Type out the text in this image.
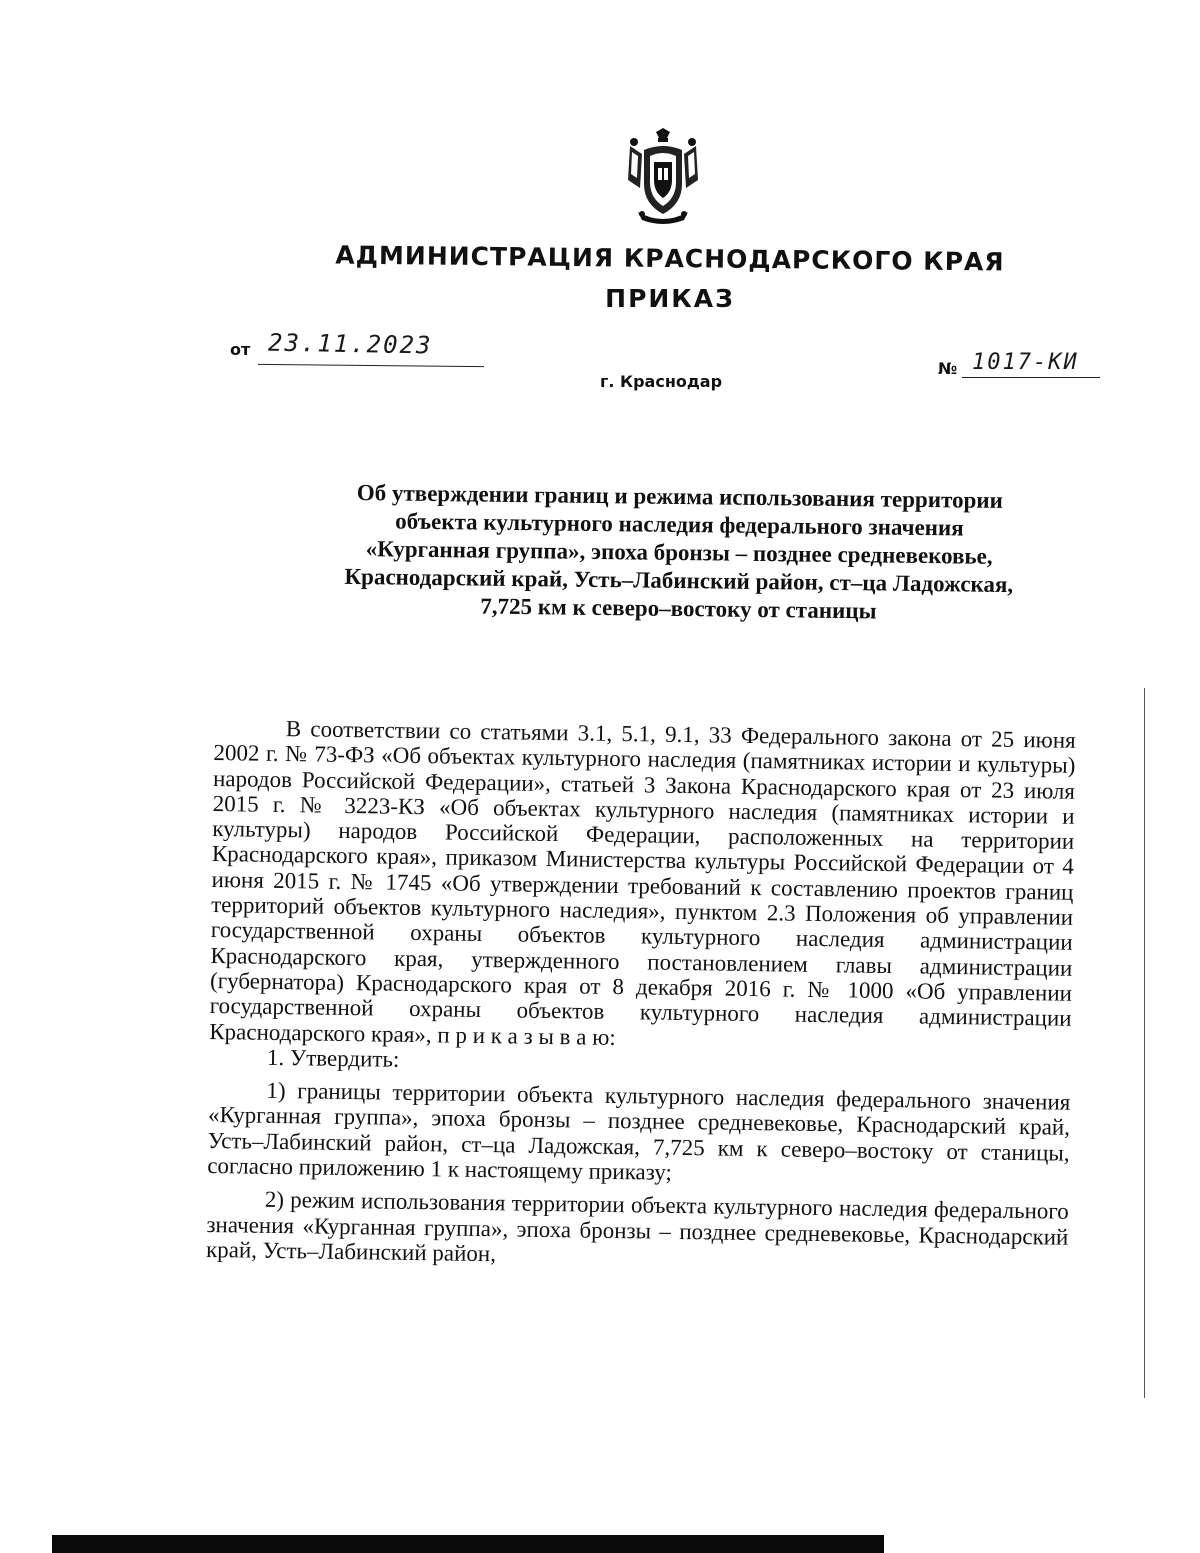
АДМИНИСТРАЦИЯ КРАСНОДАРСКОГО КРАЯ
ПРИКАЗ
от 23.11.2023
г. Краснодар
№ 1017-КИ
Об утверждении границ и режима использования территории
объекта культурного наследия федерального значения
«Курганная группа», эпоха бронзы – позднее средневековье,
Краснодарский край, Усть–Лабинский район, ст–ца Ладожская,
7,725 км к северо–востоку от станицы

В соответствии со статьями 3.1, 5.1, 9.1, 33 Федерального закона от 25 июня 2002 г. № 73-ФЗ «Об объектах культурного наследия (памятниках истории и культуры) народов Российской Федерации», статьей 3 Закона Краснодарского края от 23 июля 2015 г. № 3223-КЗ «Об объектах культурного наследия (памятниках истории и культуры) народов Российской Федерации, расположенных на территории Краснодарского края», приказом Министерства культуры Российской Федерации от 4 июня 2015 г. № 1745 «Об утверждении требований к составлению проектов границ территорий объектов культурного наследия», пунктом 2.3 Положения об управлении государственной охраны объектов культурного наследия администрации Краснодарского края, утвержденного постановлением главы администрации (губернатора) Краснодарского края от 8 декабря 2016 г. № 1000 «Об управлении государственной охраны объектов культурного наследия администрации Краснодарского края», п р и к а з ы в а ю:

1. Утвердить:

1) границы территории объекта культурного наследия федерального значения «Курганная группа», эпоха бронзы – позднее средневековье, Краснодарский край, Усть–Лабинский район, ст–ца Ладожская, 7,725 км к северо–востоку от станицы, согласно приложению 1 к настоящему приказу;

2) режим использования территории объекта культурного наследия федерального значения «Курганная группа», эпоха бронзы – позднее средневековье, Краснодарский край, Усть–Лабинский район,
